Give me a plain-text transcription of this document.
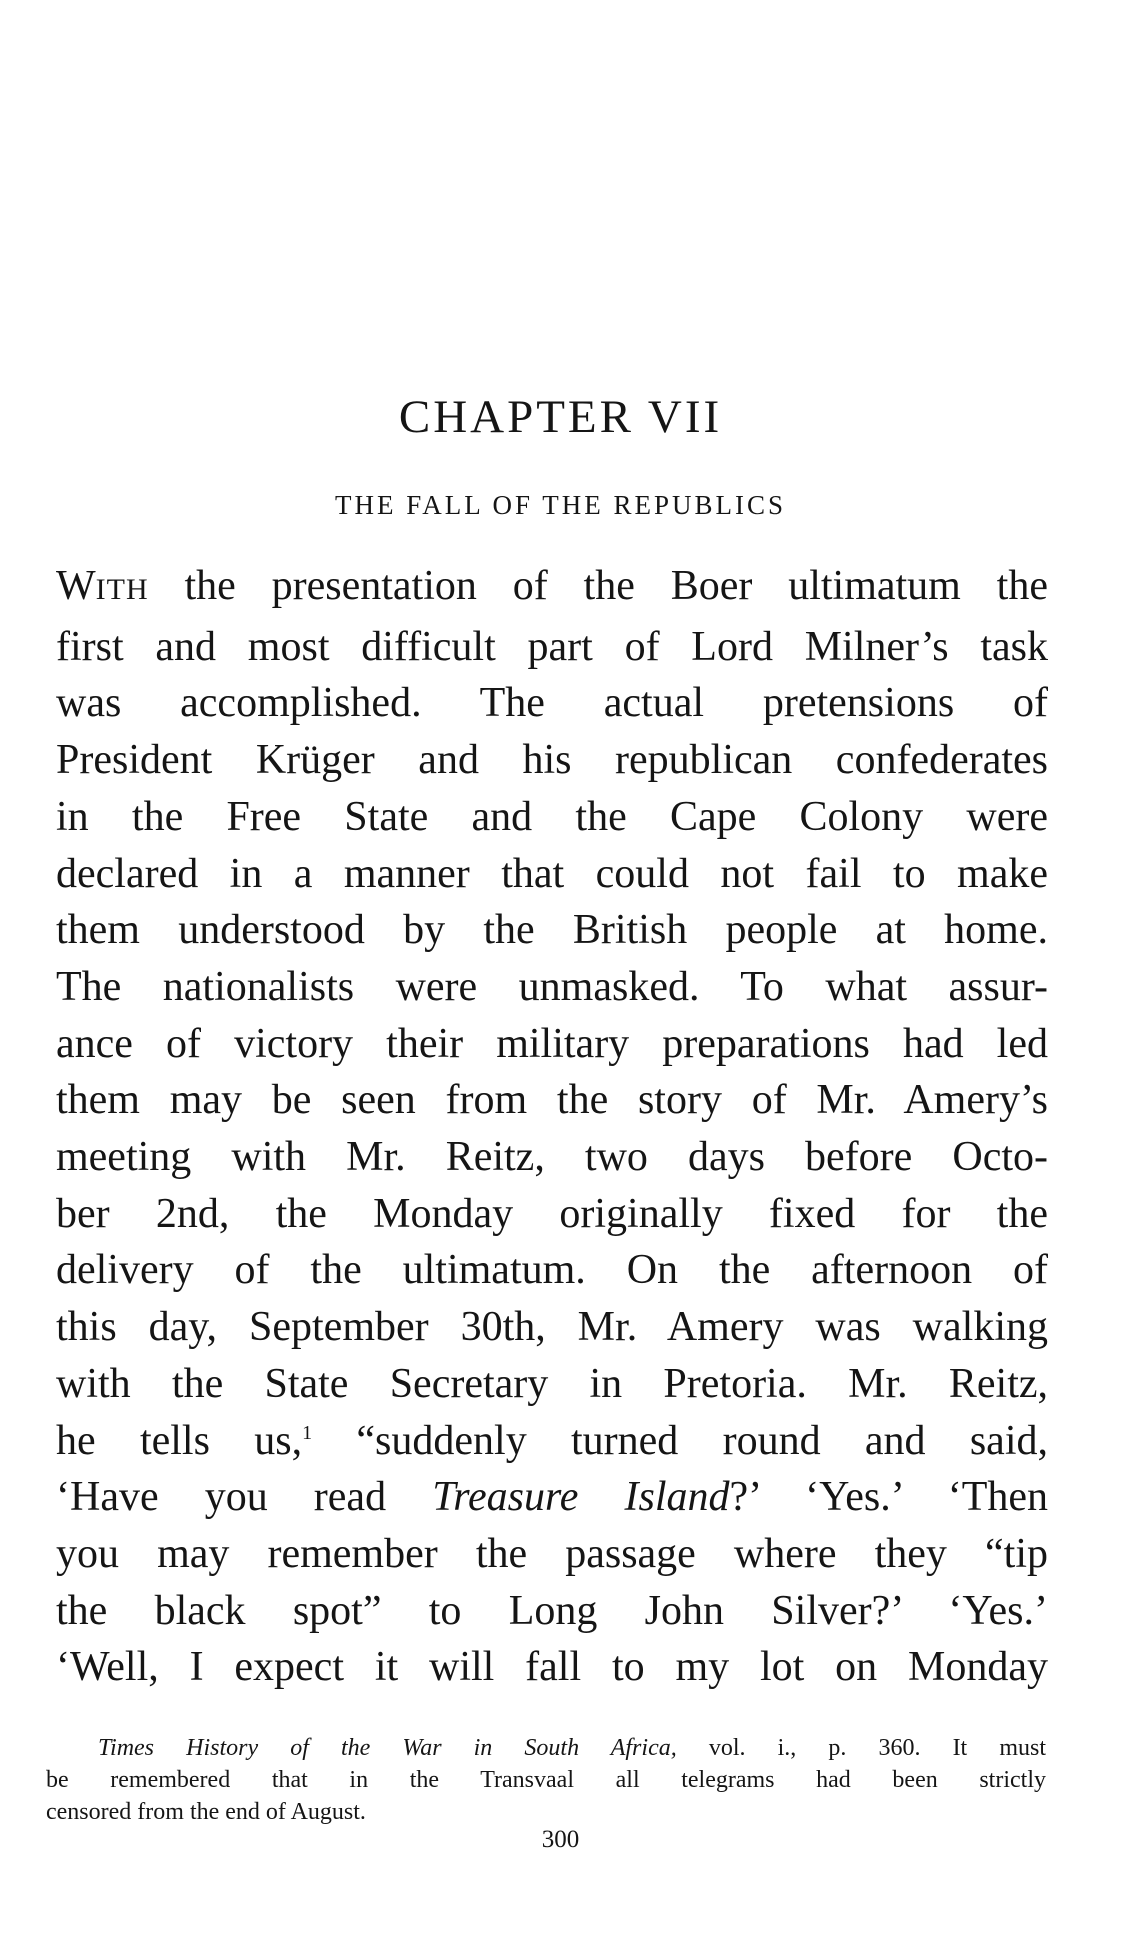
CHAPTER VII
THE FALL OF THE REPUBLICS
WITH the presentation of the Boer ultimatum the
first and most difficult part of Lord Milner’s task
was accomplished. The actual pretensions of
President Krüger and his republican confederates
in the Free State and the Cape Colony were
declared in a manner that could not fail to make
them understood by the British people at home.
The nationalists were unmasked. To what assur-
ance of victory their military preparations had led
them may be seen from the story of Mr. Amery’s
meeting with Mr. Reitz, two days before Octo-
ber 2nd, the Monday originally fixed for the
delivery of the ultimatum. On the afternoon of
this day, September 30th, Mr. Amery was walking
with the State Secretary in Pretoria. Mr. Reitz,
he tells us,$^1$ “suddenly turned round and said,
‘Have you read Treasure Island?’ ‘Yes.’ ‘Then
you may remember the passage where they “tip
the black spot” to Long John Silver?’ ‘Yes.’
‘Well, I expect it will fall to my lot on Monday
Times History of the War in South Africa, vol. i., p. 360. It must
be remembered that in the Transvaal all telegrams had been strictly
censored from the end of August.
300
